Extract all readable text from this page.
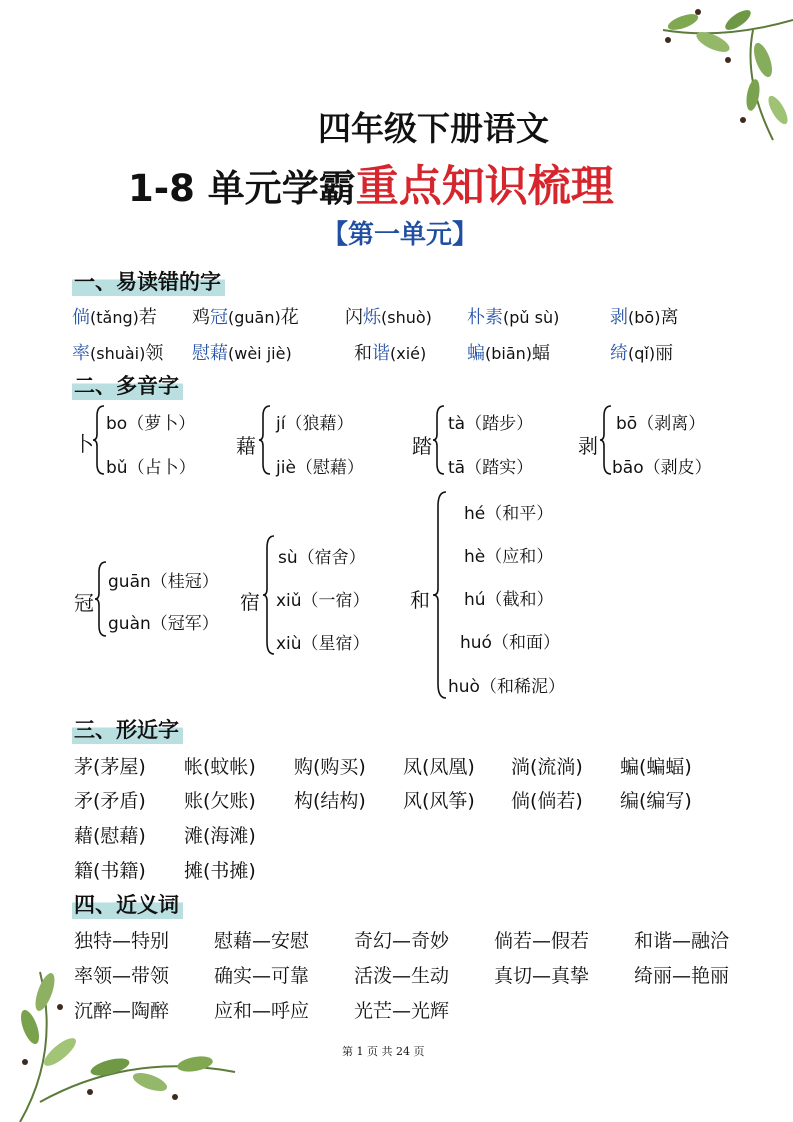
四年级下册语文
1-8 单元学霸重点知识梳理
【第一单元】
一、易读错的字
倘(tǎng)若 鸡冠(guān)花	闪烁(shuò) 朴素(pǔ sù)	剥(bō)离
率(shuài)领 慰藉(wèi jiè)	和谐(xié) 蝙(biān)蝠	绮(qǐ)丽
二、多音字
卜
bo（萝卜）
bǔ（占卜）
藉
jí（狼藉）
jiè（慰藉）
踏
tà（踏步）
tā（踏实）
剥
bō（剥离）
bāo（剥皮）
冠
guān（桂冠）
guàn（冠军）
宿
sù（宿舍）
xiǔ（一宿）
xiù（星宿）
和
hé（和平）
hè（应和）
hú（截和）
huó（和面）
huò（和稀泥）
三、形近字
茅(茅屋) 帐(蚊帐) 购(购买) 凤(凤凰) 淌(流淌) 蝙(蝙蝠)
矛(矛盾) 账(欠账) 构(结构) 风(风筝) 倘(倘若) 编(编写)
藉(慰藉) 滩(海滩)
籍(书籍) 摊(书摊)
四、近义词
独特—特别 慰藉—安慰 奇幻—奇妙 倘若—假若 和谐—融洽
率领—带领 确实—可靠 活泼—生动 真切—真挚 绮丽—艳丽
沉醉—陶醉 应和—呼应 光芒—光辉
第 1 页 共 24 页
